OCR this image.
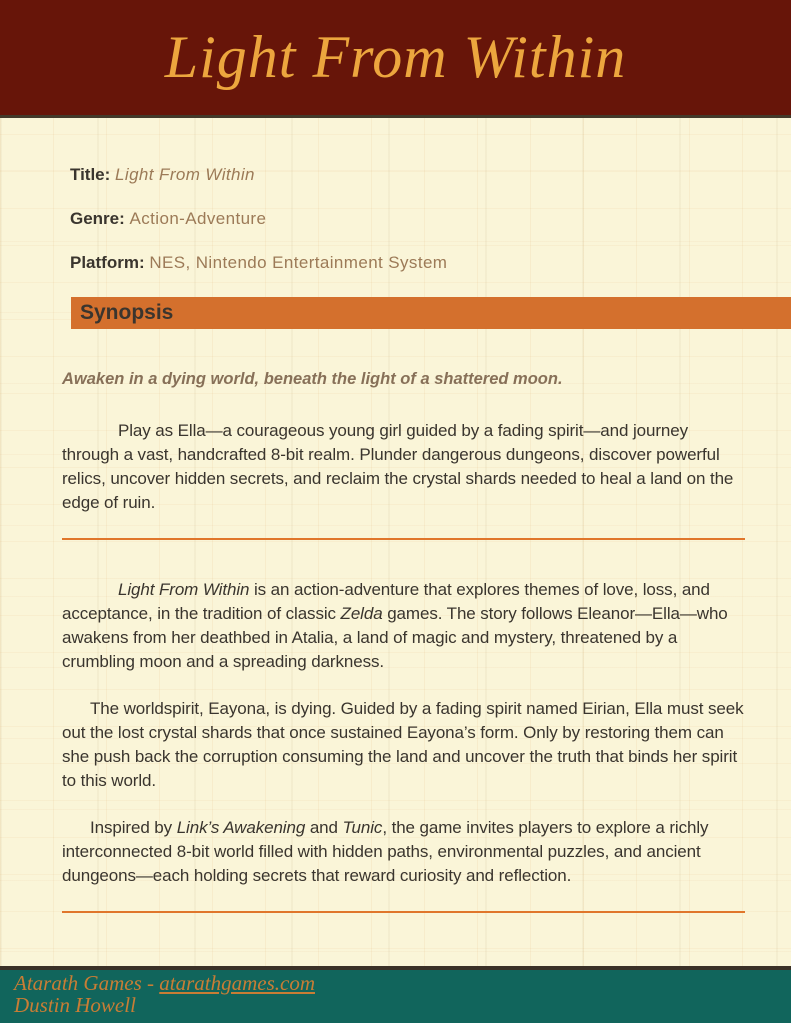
Light From Within

Title: Light From Within

Genre: Action-Adventure

Platform: NES, Nintendo Entertainment System

Synopsis

Awaken in a dying world, beneath the light of a shattered moon.

Play as Ella—a courageous young girl guided by a fading spirit—and journey through a vast, handcrafted 8-bit realm. Plunder dangerous dungeons, discover powerful relics, uncover hidden secrets, and reclaim the crystal shards needed to heal a land on the edge of ruin.

Light From Within is an action-adventure that explores themes of love, loss, and acceptance, in the tradition of classic Zelda games. The story follows Eleanor—Ella—who awakens from her deathbed in Atalia, a land of magic and mystery, threatened by a crumbling moon and a spreading darkness.

The worldspirit, Eayona, is dying. Guided by a fading spirit named Eirian, Ella must seek out the lost crystal shards that once sustained Eayona’s form. Only by restoring them can she push back the corruption consuming the land and uncover the truth that binds her spirit to this world.

Inspired by Link’s Awakening and Tunic, the game invites players to explore a richly interconnected 8-bit world filled with hidden paths, environmental puzzles, and ancient dungeons—each holding secrets that reward curiosity and reflection.

Atarath Games - atarathgames.com
Dustin Howell
